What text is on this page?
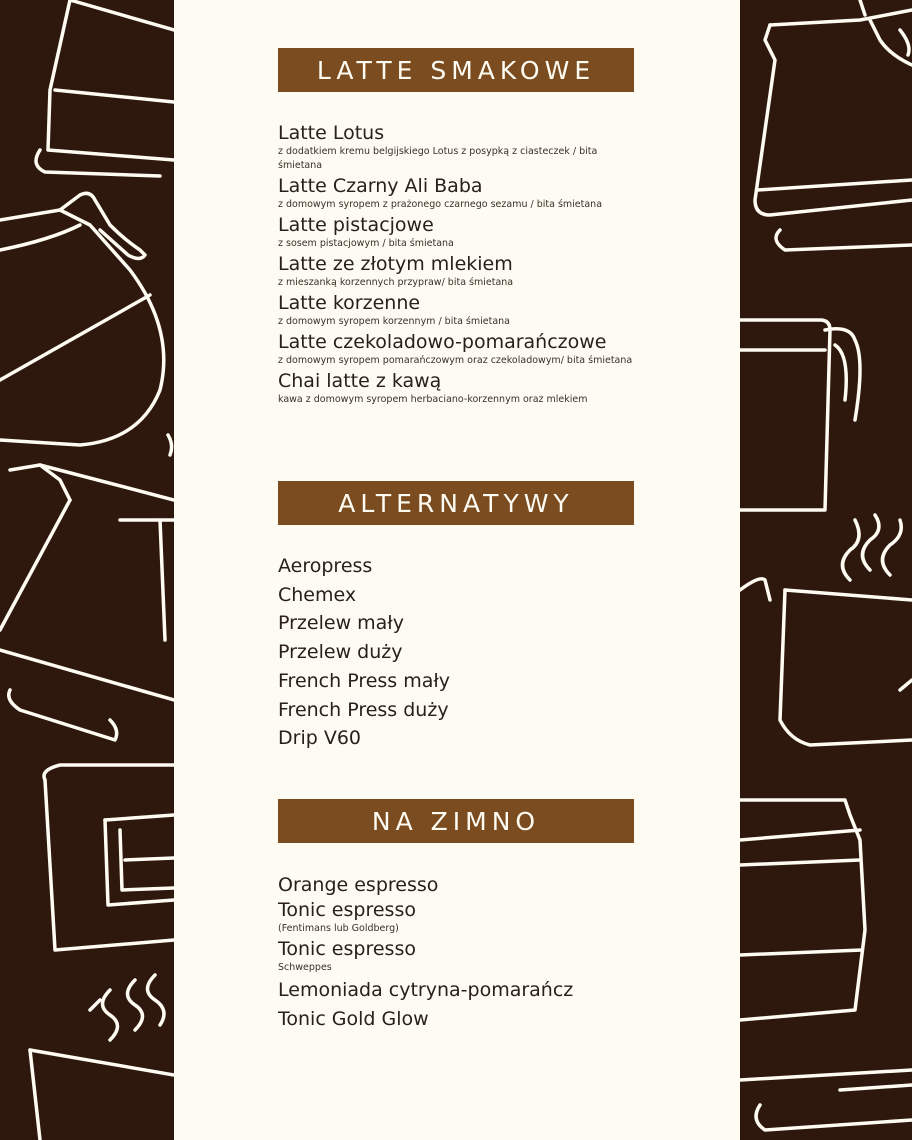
LATTE SMAKOWE
Latte Lotus
z dodatkiem kremu belgijskiego Lotus z posypką z ciasteczek / bita śmietana
Latte Czarny Ali Baba
z domowym syropem z prażonego czarnego sezamu / bita śmietana
Latte pistacjowe
z sosem pistacjowym / bita śmietana
Latte ze złotym mlekiem
z mieszanką korzennych przypraw/ bita śmietana
Latte korzenne
z domowym syropem korzennym / bita śmietana
Latte czekoladowo-pomarańczowe
z domowym syropem pomarańczowym oraz czekoladowym/ bita śmietana
Chai latte z kawą
kawa z domowym syropem herbaciano-korzennym oraz mlekiem
ALTERNATYWY
Aeropress
Chemex
Przelew mały
Przelew duży
French Press mały
French Press duży
Drip V60
NA ZIMNO
Orange espresso
Tonic espresso
(Fentimans lub Goldberg)
Tonic espresso
Schweppes
Lemoniada cytryna-pomarańcz
Tonic Gold Glow
